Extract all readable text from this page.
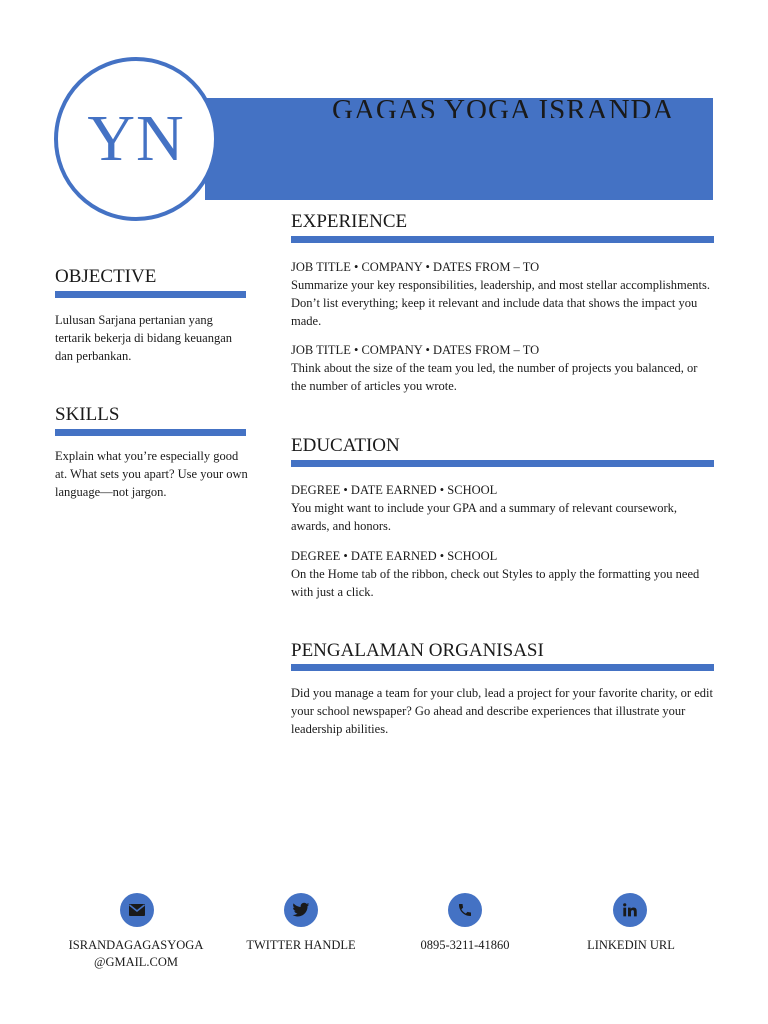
GAGAS YOGA ISRANDA
YN
OBJECTIVE
Lulusan Sarjana pertanian yang tertarik bekerja di bidang keuangan dan perbankan.
SKILLS
Explain what you’re especially good at. What sets you apart? Use your own language—not jargon.
EXPERIENCE
JOB TITLE • COMPANY • DATES FROM – TO
Summarize your key responsibilities, leadership, and most stellar accomplishments. Don’t list everything; keep it relevant and include data that shows the impact you made.
JOB TITLE • COMPANY • DATES FROM – TO
Think about the size of the team you led, the number of projects you balanced, or the number of articles you wrote.
EDUCATION
DEGREE • DATE EARNED • SCHOOL
You might want to include your GPA and a summary of relevant coursework, awards, and honors.
DEGREE • DATE EARNED • SCHOOL
On the Home tab of the ribbon, check out Styles to apply the formatting you need with just a click.
PENGALAMAN ORGANISASI
Did you manage a team for your club, lead a project for your favorite charity, or edit your school newspaper? Go ahead and describe experiences that illustrate your leadership abilities.
ISRANDAGAGASYOGA
@GMAIL.COM
TWITTER HANDLE	0895-3211-41860	LINKEDIN URL
